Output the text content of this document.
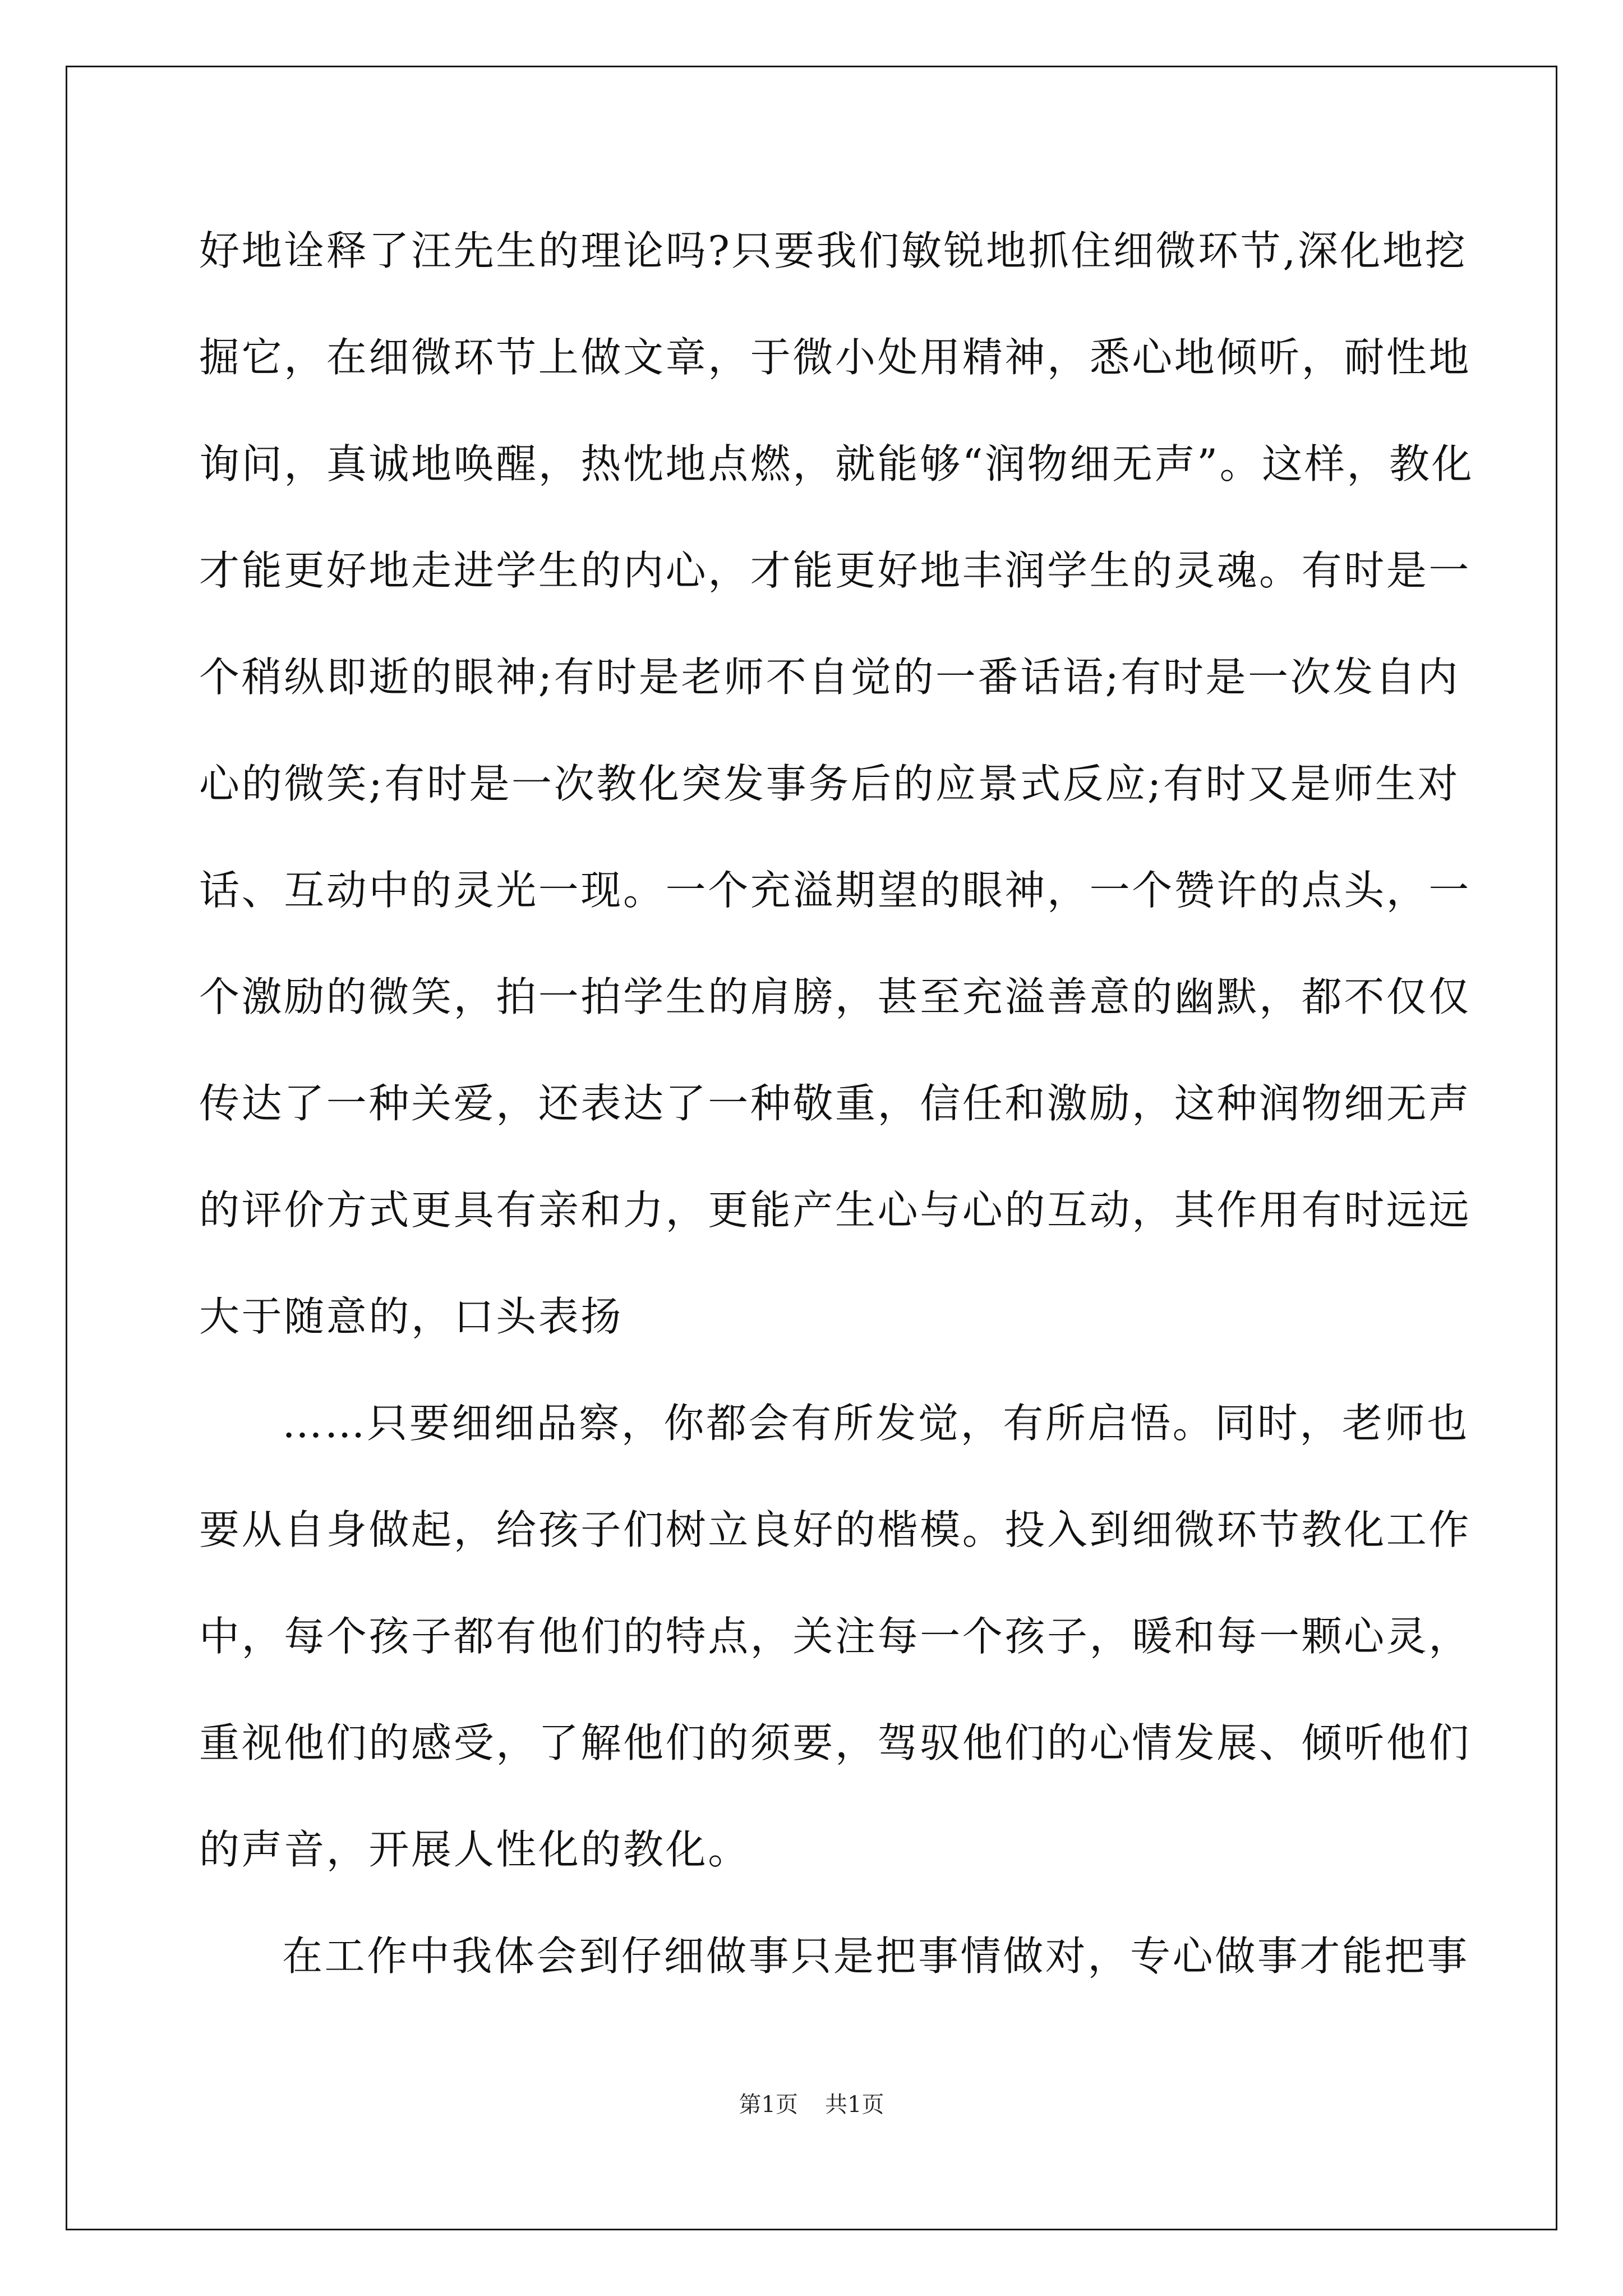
好地诠释了汪先生的理论吗?只要我们敏锐地抓住细微环节,深化地挖
掘它，在细微环节上做文章，于微小处用精神，悉心地倾听，耐性地
询问，真诚地唤醒，热忱地点燃，就能够“润物细无声”。这样，教化
才能更好地走进学生的内心，才能更好地丰润学生的灵魂。有时是一
个稍纵即逝的眼神;有时是老师不自觉的一番话语;有时是一次发自内
心的微笑;有时是一次教化突发事务后的应景式反应;有时又是师生对
话、互动中的灵光一现。一个充溢期望的眼神，一个赞许的点头，一
个激励的微笑，拍一拍学生的肩膀，甚至充溢善意的幽默，都不仅仅
传达了一种关爱，还表达了一种敬重，信任和激励，这种润物细无声
的评价方式更具有亲和力，更能产生心与心的互动，其作用有时远远
大于随意的，口头表扬

……只要细细品察，你都会有所发觉，有所启悟。同时，老师也
要从自身做起，给孩子们树立良好的楷模。投入到细微环节教化工作
中，每个孩子都有他们的特点，关注每一个孩子，暖和每一颗心灵，
重视他们的感受，了解他们的须要，驾驭他们的心情发展、倾听他们
的声音，开展人性化的教化。

在工作中我体会到仔细做事只是把事情做对，专心做事才能把事

第1页 共1页
